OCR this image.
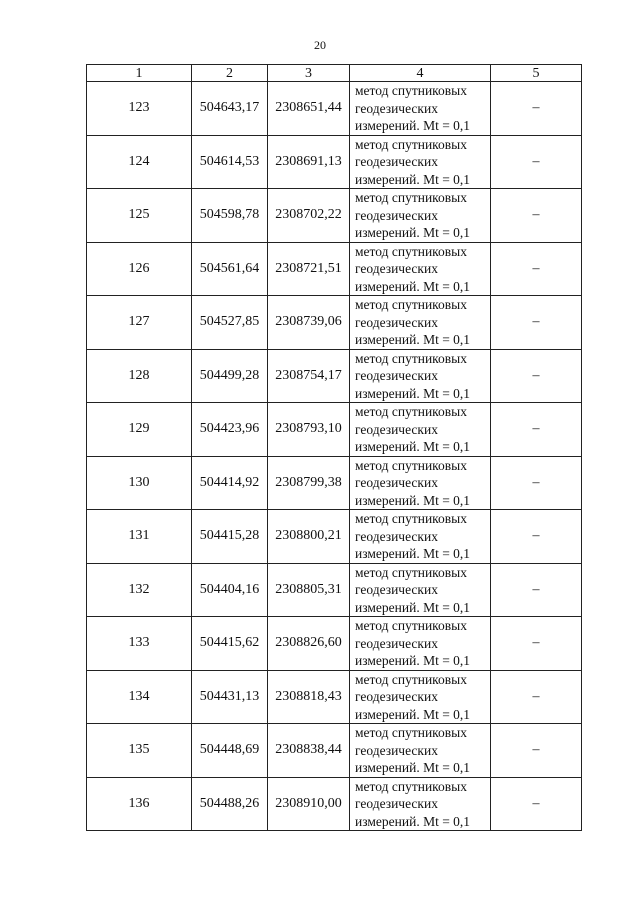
20
1	2	3	4	5
123	504643,17	2308651,44	метод спутниковых
геодезических
измерений. Mt = 0,1	–
124	504614,53	2308691,13	метод спутниковых
геодезических
измерений. Mt = 0,1	–
125	504598,78	2308702,22	метод спутниковых
геодезических
измерений. Mt = 0,1	–
126	504561,64	2308721,51	метод спутниковых
геодезических
измерений. Mt = 0,1	–
127	504527,85	2308739,06	метод спутниковых
геодезических
измерений. Mt = 0,1	–
128	504499,28	2308754,17	метод спутниковых
геодезических
измерений. Mt = 0,1	–
129	504423,96	2308793,10	метод спутниковых
геодезических
измерений. Mt = 0,1	–
130	504414,92	2308799,38	метод спутниковых
геодезических
измерений. Mt = 0,1	–
131	504415,28	2308800,21	метод спутниковых
геодезических
измерений. Mt = 0,1	–
132	504404,16	2308805,31	метод спутниковых
геодезических
измерений. Mt = 0,1	–
133	504415,62	2308826,60	метод спутниковых
геодезических
измерений. Mt = 0,1	–
134	504431,13	2308818,43	метод спутниковых
геодезических
измерений. Mt = 0,1	–
135	504448,69	2308838,44	метод спутниковых
геодезических
измерений. Mt = 0,1	–
136	504488,26	2308910,00	метод спутниковых
геодезических
измерений. Mt = 0,1	–
